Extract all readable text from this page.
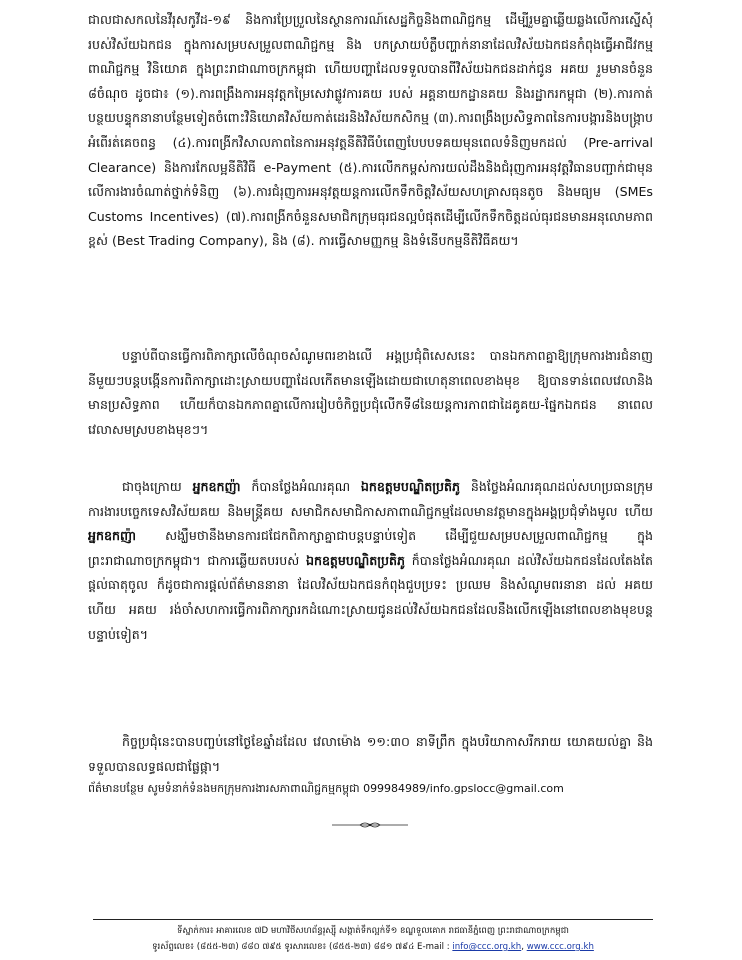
ជាលជាសកលនៃវីរុសកូវីដ-១៩ និងការប្រែប្រួលនៃស្ថានការណ៍សេដ្ឋកិច្ចនិងពាណិជ្ជកម្ម ដើម្បីរួមគ្នាឆ្លើយឆ្លងលើការស្នើសុំរបស់វិស័យឯកជន ក្នុងការសម្របសម្រួលពាណិជ្ជកម្ម និង បកស្រាយបំភ្លឺបញ្ហាក់នានាដែលវិស័យឯកជនកំពុងធ្វើអាជីវកម្ម ពាណិជ្ជកម្ម វិនិយោគ ក្នុងព្រះរាជាណាចក្រកម្ពុជា ហើយបញ្ហាដែលទទួលបានពីវិស័យឯកជនដាក់ជូន អគយ រួមមានចំនួន ៨ចំណុច ដូចជា៖ (១).ការពង្រឹងការអនុវត្តកម្រៃសេវាផ្លូវការគយ របស់ អគ្គនាយកដ្ឋានគយ និងរដ្ឋាករកម្ពុជា (២).ការកាត់បន្ថយបន្ទុកនានាបន្ថែមទៀតចំពោះវិនិយោគវិស័យកាត់ដេរនិងវិស័យកសិកម្ម (៣).ការពង្រឹងប្រសិទ្ធភាពនៃការបង្ការនិងបង្ក្រាបអំពើរត់គេចពន្ធ (៤).ការពង្រីកវិសាលភាពនៃការអនុវត្តនីតិវិធីបំពេញបែបបទគយមុនពេលទំនិញមកដល់ (Pre-arrival Clearance) និងការកែលម្អនីតិវិធី e-Payment (៥).ការលើកកម្ពស់ការយល់ដឹងនិងជំរុញការអនុវត្តវិធានបញ្ជាក់ជាមុនលើការងារចំណាត់ថ្នាក់ទំនិញ (៦).ការជំរុញការអនុវត្តយន្តការលើកទឹកចិត្តវិស័យសហគ្រាសធុនតូច និងមធ្យម (SMEs Customs Incentives) (៧).ការពង្រីកចំនួនសមាជិកក្រុមធុរជនល្អបំផុតដើម្បីលើកទឹកចិត្តដល់ធុរជនមានអនុលោមភាពខ្ពស់ (Best Trading Company), និង (៨). ការធ្វើសាមញ្ញកម្ម និងទំនើបកម្មនីតិវិធីគយ។

បន្ទាប់ពីបានធ្វើការពិភាក្សាលើចំណុចសំណូមពរខាងលើ អង្គប្រជុំពិសេសនេះ បានឯកភាពគ្នាឱ្យក្រុមការងារជំនាញនីមួយៗបន្តបង្កើនការពិភាក្សាដោះស្រាយបញ្ហាដែលកើតមានឡើងដោយជាហេតុនាពេលខាងមុខ ឱ្យបានទាន់ពេលវេលានិងមានប្រសិទ្ធភាព ហើយក៏បានឯកភាពគ្នាលើការរៀបចំកិច្ចប្រជុំលើកទី៨នៃយន្តការភាពជាដៃគូគយ-ផ្នែកឯកជន នាពេលវេលាសមស្របខាងមុខៗ។

ជាចុងក្រោយ អ្នកឧកញ៉ា ក៏បានថ្លែងអំណរគុណ ឯកឧត្តមបណ្ឌិតប្រតិភូ និងថ្លែងអំណរគុណដល់សហប្រធានក្រុមការងារបច្ចេកទេសវិស័យគយ និងមន្ត្រីគយ សមាជិកសមាជិកាសភាពាណិជ្ជកម្មដែលមានវត្តមានក្នុងអង្គប្រជុំទាំងមូល ហើយ អ្នកឧកញ៉ា សង្ឃឹមថានឹងមានការជជែកពិភាក្សាគ្នាជាបន្តបន្ទាប់ទៀត ដើម្បីជួយសម្របសម្រួលពាណិជ្ជកម្ម ក្នុងព្រះរាជាណាចក្រកម្ពុជា។ ជាការឆ្លើយតបរបស់ ឯកឧត្តមបណ្ឌិតប្រតិភូ ក៏បានថ្លែងអំណរគុណ ដល់វិស័យឯកជនដែលតែងតែផ្ដល់ធាតុចូល ក៏ដូចជាការផ្ដល់ព័ត៌មាននានា ដែលវិស័យឯកជនកំពុងជួបប្រទះ ប្រឈម និងសំណូមពរនានា ដល់ អគយ ហើយ អគយ រង់ចាំសហការធ្វើការពិភាក្សារកដំណោះស្រាយជូនដល់វិស័យឯកជនដែលនឹងលើកឡើងនៅពេលខាងមុខបន្តបន្ទាប់ទៀត។

កិច្ចប្រជុំនេះបានបញ្ចប់នៅថ្ងៃខែឆ្នាំដដែល វេលាម៉ោង ១១:៣០ នាទីព្រឹក ក្នុងបរិយាកាសរីករាយ យោគយល់គ្នា និងទទួលបានលទ្ធផលជាផ្លែផ្កា។

ព័ត៌មានបន្ថែម សូមទំនាក់ទំនងមកក្រុមការងារសភាពាណិជ្ជកម្មកម្ពុជា 099984989/info.gpslocc@gmail.com
ទីស្នាក់ការ៖ អាគារលេខ ៧D មហាវិថីសហព័ន្ធរុស្ស៊ី សង្កាត់ទឹកល្អក់ទី១ ខណ្ឌទួលគោក រាជធានីភ្នំពេញ ព្រះរាជាណាចក្រកម្ពុជា
ទូរស័ព្ទលេខ៖ (៨៥៥-២៣) ៨៨០ ៧៩៥ ទូរសារលេខ៖ (៨៥៥-២៣) ៨៨១ ៧៩៤ E-mail : info@ccc.org.kh, www.ccc.org.kh
